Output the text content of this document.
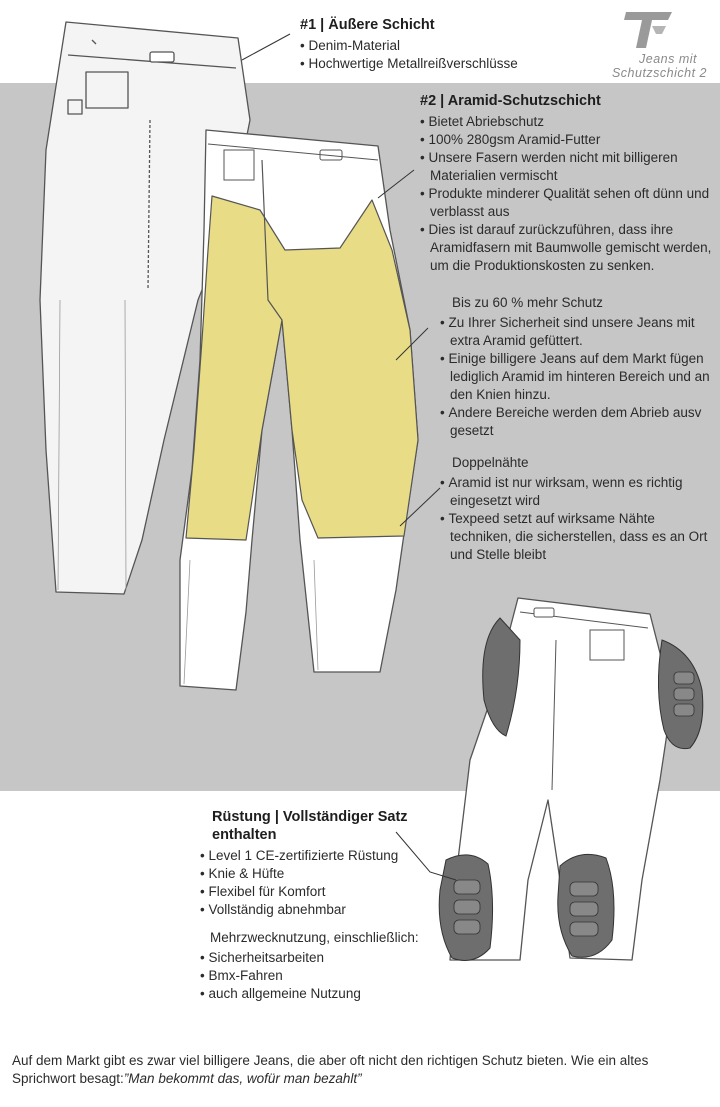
Jeans mit
Schutzschicht 2
#1 | Äußere Schicht
• Denim-Material
• Hochwertige Metallreißverschlüsse
#2 | Aramid-Schutzschicht
• Bietet Abriebschutz
• 100% 280gsm Aramid-Futter
• Unsere Fasern werden nicht mit billigeren Materialien vermischt
• Produkte minderer Qualität sehen oft dünn und verblasst aus
• Dies ist darauf zurückzuführen, dass ihre Aramidfasern mit Baumwolle gemischt werden, um die Produktionskosten zu senken.
Bis zu 60 % mehr Schutz
• Zu Ihrer Sicherheit sind unsere Jeans mit extra Aramid gefüttert.
• Einige billigere Jeans auf dem Markt fügen lediglich Aramid im hinteren Bereich und an den Knien hinzu.
• Andere Bereiche werden dem Abrieb ausv gesetzt
Doppelnähte
• Aramid ist nur wirksam, wenn es richtig eingesetzt wird
• Texpeed setzt auf wirksame Nähte techniken, die sicherstellen, dass es an Ort und Stelle bleibt
Rüstung | Vollständiger Satz enthalten
• Level 1 CE-zertifizierte Rüstung
• Knie & Hüfte
• Flexibel für Komfort
• Vollständig abnehmbar
Mehrzwecknutzung, einschließlich:
• Sicherheitsarbeiten
• Bmx-Fahren
• auch allgemeine Nutzung
Auf dem Markt gibt es zwar viel billigere Jeans, die aber oft nicht den richtigen Schutz bieten. Wie ein altes Sprichwort besagt:”Man bekommt das, wofür man bezahlt”
